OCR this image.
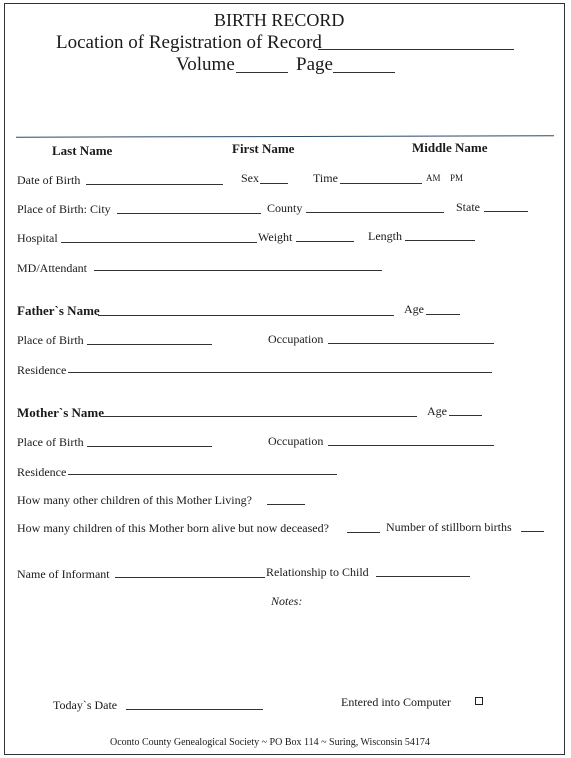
BIRTH RECORD
Location of Registration of Record
Volume	Page
Last Name	First Name	Middle Name
Date of Birth	Sex	Time	AM PM
Place of Birth: City	County	State
Hospital	Weight	Length
MD/Attendant
Father`s Name	Age
Place of Birth	Occupation
Residence
Mother`s Name	Age
Place of Birth	Occupation
Residence
How many other children of this Mother Living?
How many children of this Mother born alive but now deceased?	Number of stillborn births
Name of Informant	Relationship to Child
Notes:
Today`s Date	Entered into Computer
Oconto County Genealogical Society ~ PO Box 114 ~ Suring, Wisconsin 54174
